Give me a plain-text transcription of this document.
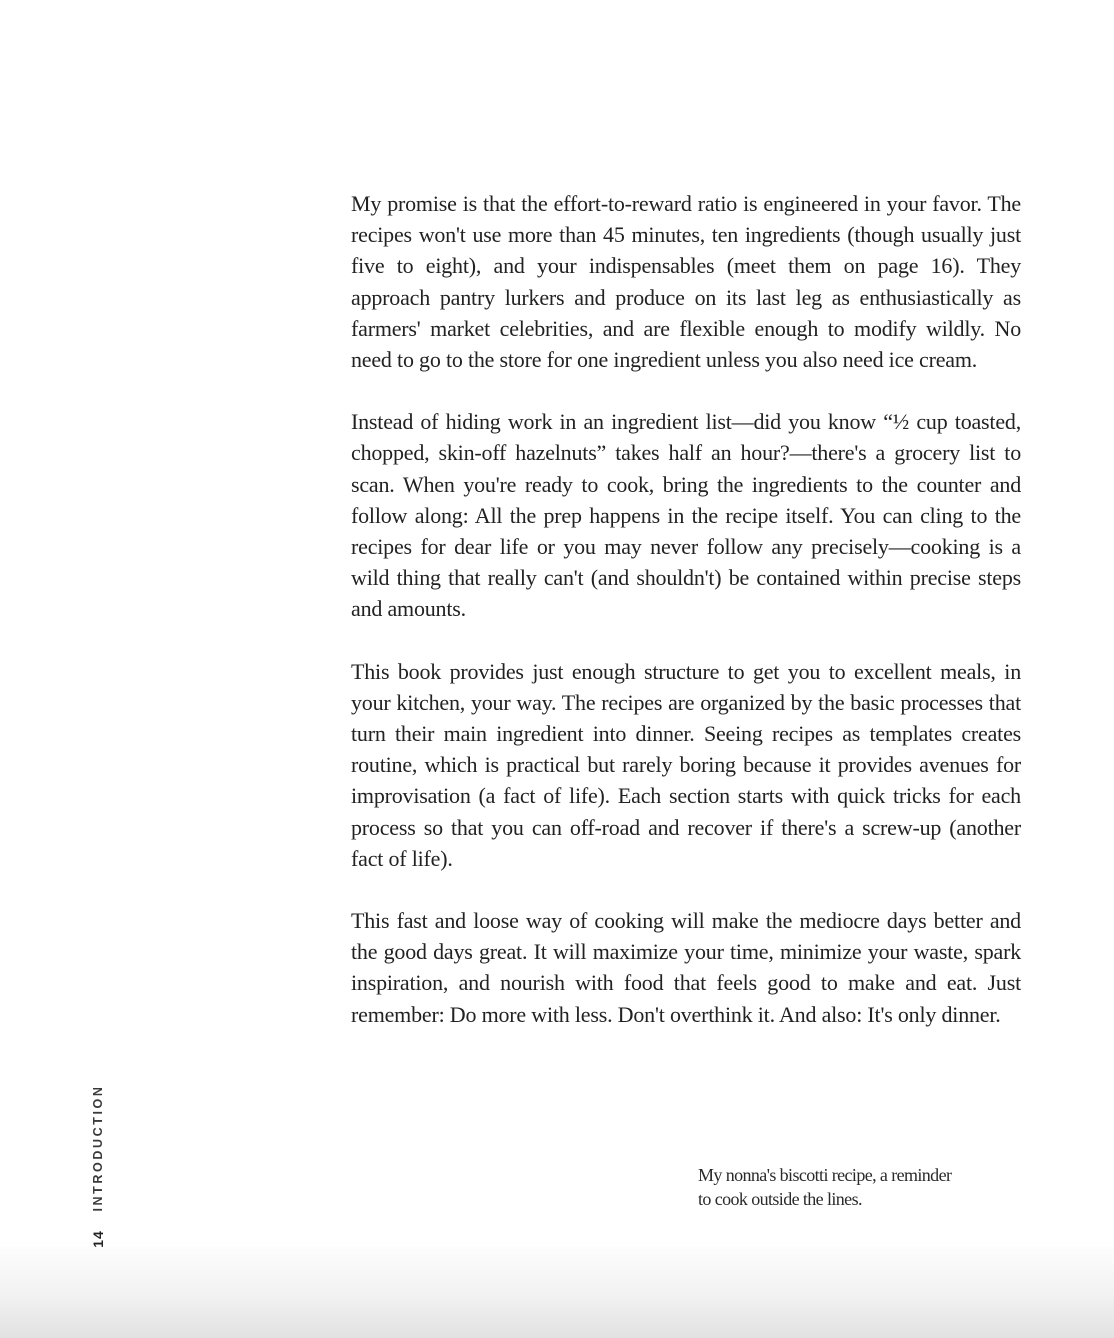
My promise is that the effort-to-reward ratio is engineered in your favor. The recipes won't use more than 45 minutes, ten ingredients (though usually just five to eight), and your indispensables (meet them on page 16). They approach pantry lurkers and produce on its last leg as enthusiastically as farmers' market celebrities, and are flexible enough to modify wildly. No need to go to the store for one ingredient unless you also need ice cream.

Instead of hiding work in an ingredient list—did you know “½ cup toasted, chopped, skin-off hazelnuts” takes half an hour?—there's a grocery list to scan. When you're ready to cook, bring the ingredients to the counter and follow along: All the prep happens in the recipe itself. You can cling to the recipes for dear life or you may never follow any precisely—cooking is a wild thing that really can't (and shouldn't) be contained within precise steps and amounts.

This book provides just enough structure to get you to excellent meals, in your kitchen, your way. The recipes are organized by the basic processes that turn their main ingredient into dinner. Seeing recipes as templates creates routine, which is practical but rarely boring because it provides avenues for improvisation (a fact of life). Each section starts with quick tricks for each process so that you can off-road and recover if there's a screw-up (another fact of life).

This fast and loose way of cooking will make the mediocre days better and the good days great. It will maximize your time, minimize your waste, spark inspiration, and nourish with food that feels good to make and eat. Just remember: Do more with less. Don't overthink it. And also: It's only dinner.

My nonna's biscotti recipe, a reminder
to cook outside the lines.
INTRODUCTION
14
